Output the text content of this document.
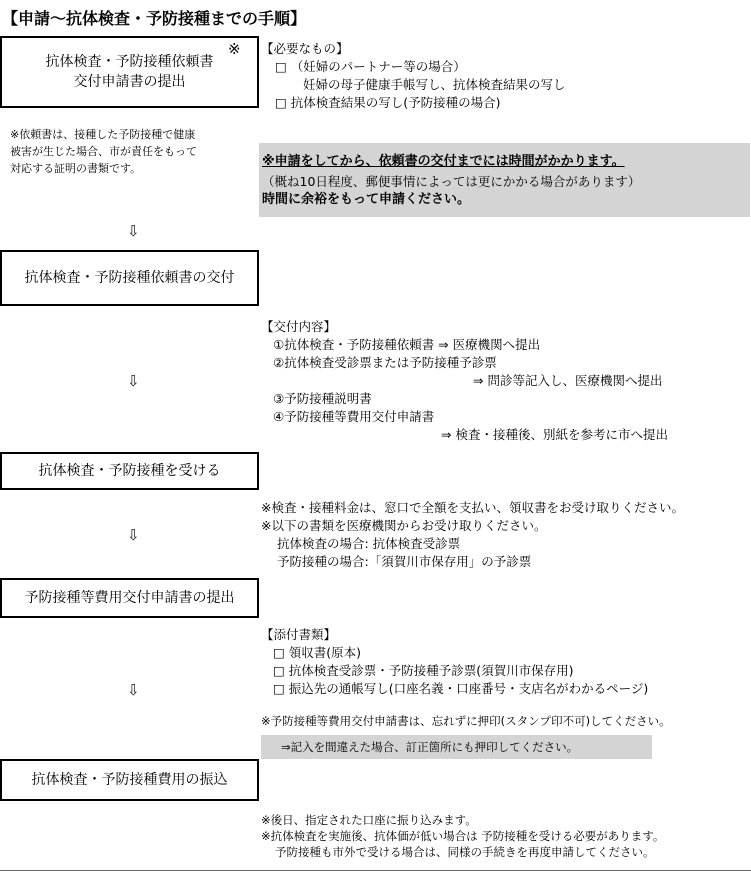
【申請～抗体検査・予防接種までの手順】
抗体検査・予防接種依頼書
交付申請書の提出
※
※依頼書は、接種した予防接種で健康
被害が生じた場合、市が責任をもって
対応する証明の書類です。
【必要なもの】
□ （妊婦のパートナー等の場合）
妊婦の母子健康手帳写し、抗体検査結果の写し
□ 抗体検査結果の写し(予防接種の場合)
※申請をしてから、依頼書の交付までには時間がかかります。
（概ね10日程度、郵便事情によっては更にかかる場合があります）
時間に余裕をもって申請ください。
⇩
抗体検査・予防接種依頼書の交付
【交付内容】
①抗体検査・予防接種依頼書 ⇒ 医療機関へ提出
②抗体検査受診票または予防接種予診票
⇒ 問診等記入し、医療機関へ提出
③予防接種説明書
④予防接種等費用交付申請書
⇒ 検査・接種後、別紙を参考に市へ提出
⇩
抗体検査・予防接種を受ける
※検査・接種料金は、窓口で全額を支払い、領収書をお受け取りください。
※以下の書類を医療機関からお受け取りください。
抗体検査の場合: 抗体検査受診票
予防接種の場合:「須賀川市保存用」の予診票
⇩
予防接種等費用交付申請書の提出
【添付書類】
□ 領収書(原本)
□ 抗体検査受診票・予防接種予診票(須賀川市保存用)
□ 振込先の通帳写し(口座名義・口座番号・支店名がわかるページ)
※予防接種等費用交付申請書は、忘れずに押印(スタンプ印不可)してください。
⇒記入を間違えた場合、訂正箇所にも押印してください。
⇩
抗体検査・予防接種費用の振込
※後日、指定された口座に振り込みます。
※抗体検査を実施後、抗体価が低い場合は 予防接種を受ける必要があります。
予防接種も市外で受ける場合は、同様の手続きを再度申請してください。
